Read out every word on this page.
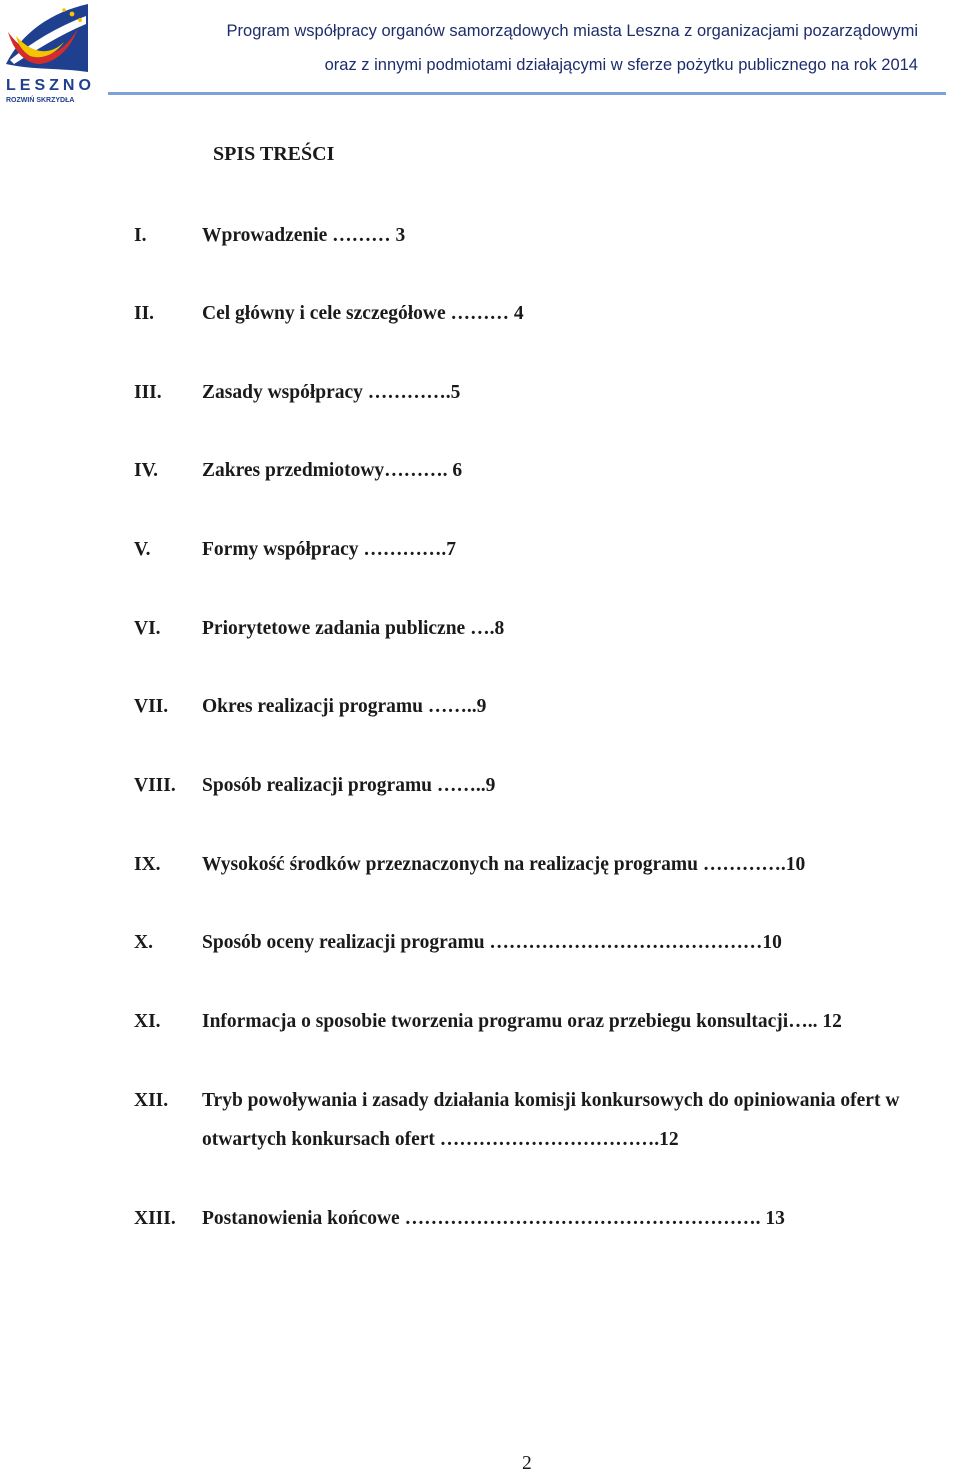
LESZNO
ROZWIŃ SKRZYDŁA
Program współpracy organów samorządowych miasta Leszna z organizacjami pozarządowymi
oraz z innymi podmiotami działającymi w sferze pożytku publicznego na rok 2014
SPIS TREŚCI
I.	Wprowadzenie ……… 3
II. Cel główny i cele szczegółowe ……… 4
III. Zasady współpracy ………….5
IV. Zakres przedmiotowy………. 6
V.	Formy współpracy ………….7
VI. Priorytetowe zadania publiczne ….8
VII. Okres realizacji programu ……..9
VIII. Sposób realizacji programu ……..9
IX. Wysokość środków przeznaczonych na realizację programu ………….10
X.	Sposób oceny realizacji programu ……………………………………10
XI. Informacja o sposobie tworzenia programu oraz przebiegu konsultacji….. 12
XII. Tryb powoływania i zasady działania komisji konkursowych do opiniowania ofert w otwartych konkursach ofert …………………………….12
XIII. Postanowienia końcowe ………………………………………………. 13
2
